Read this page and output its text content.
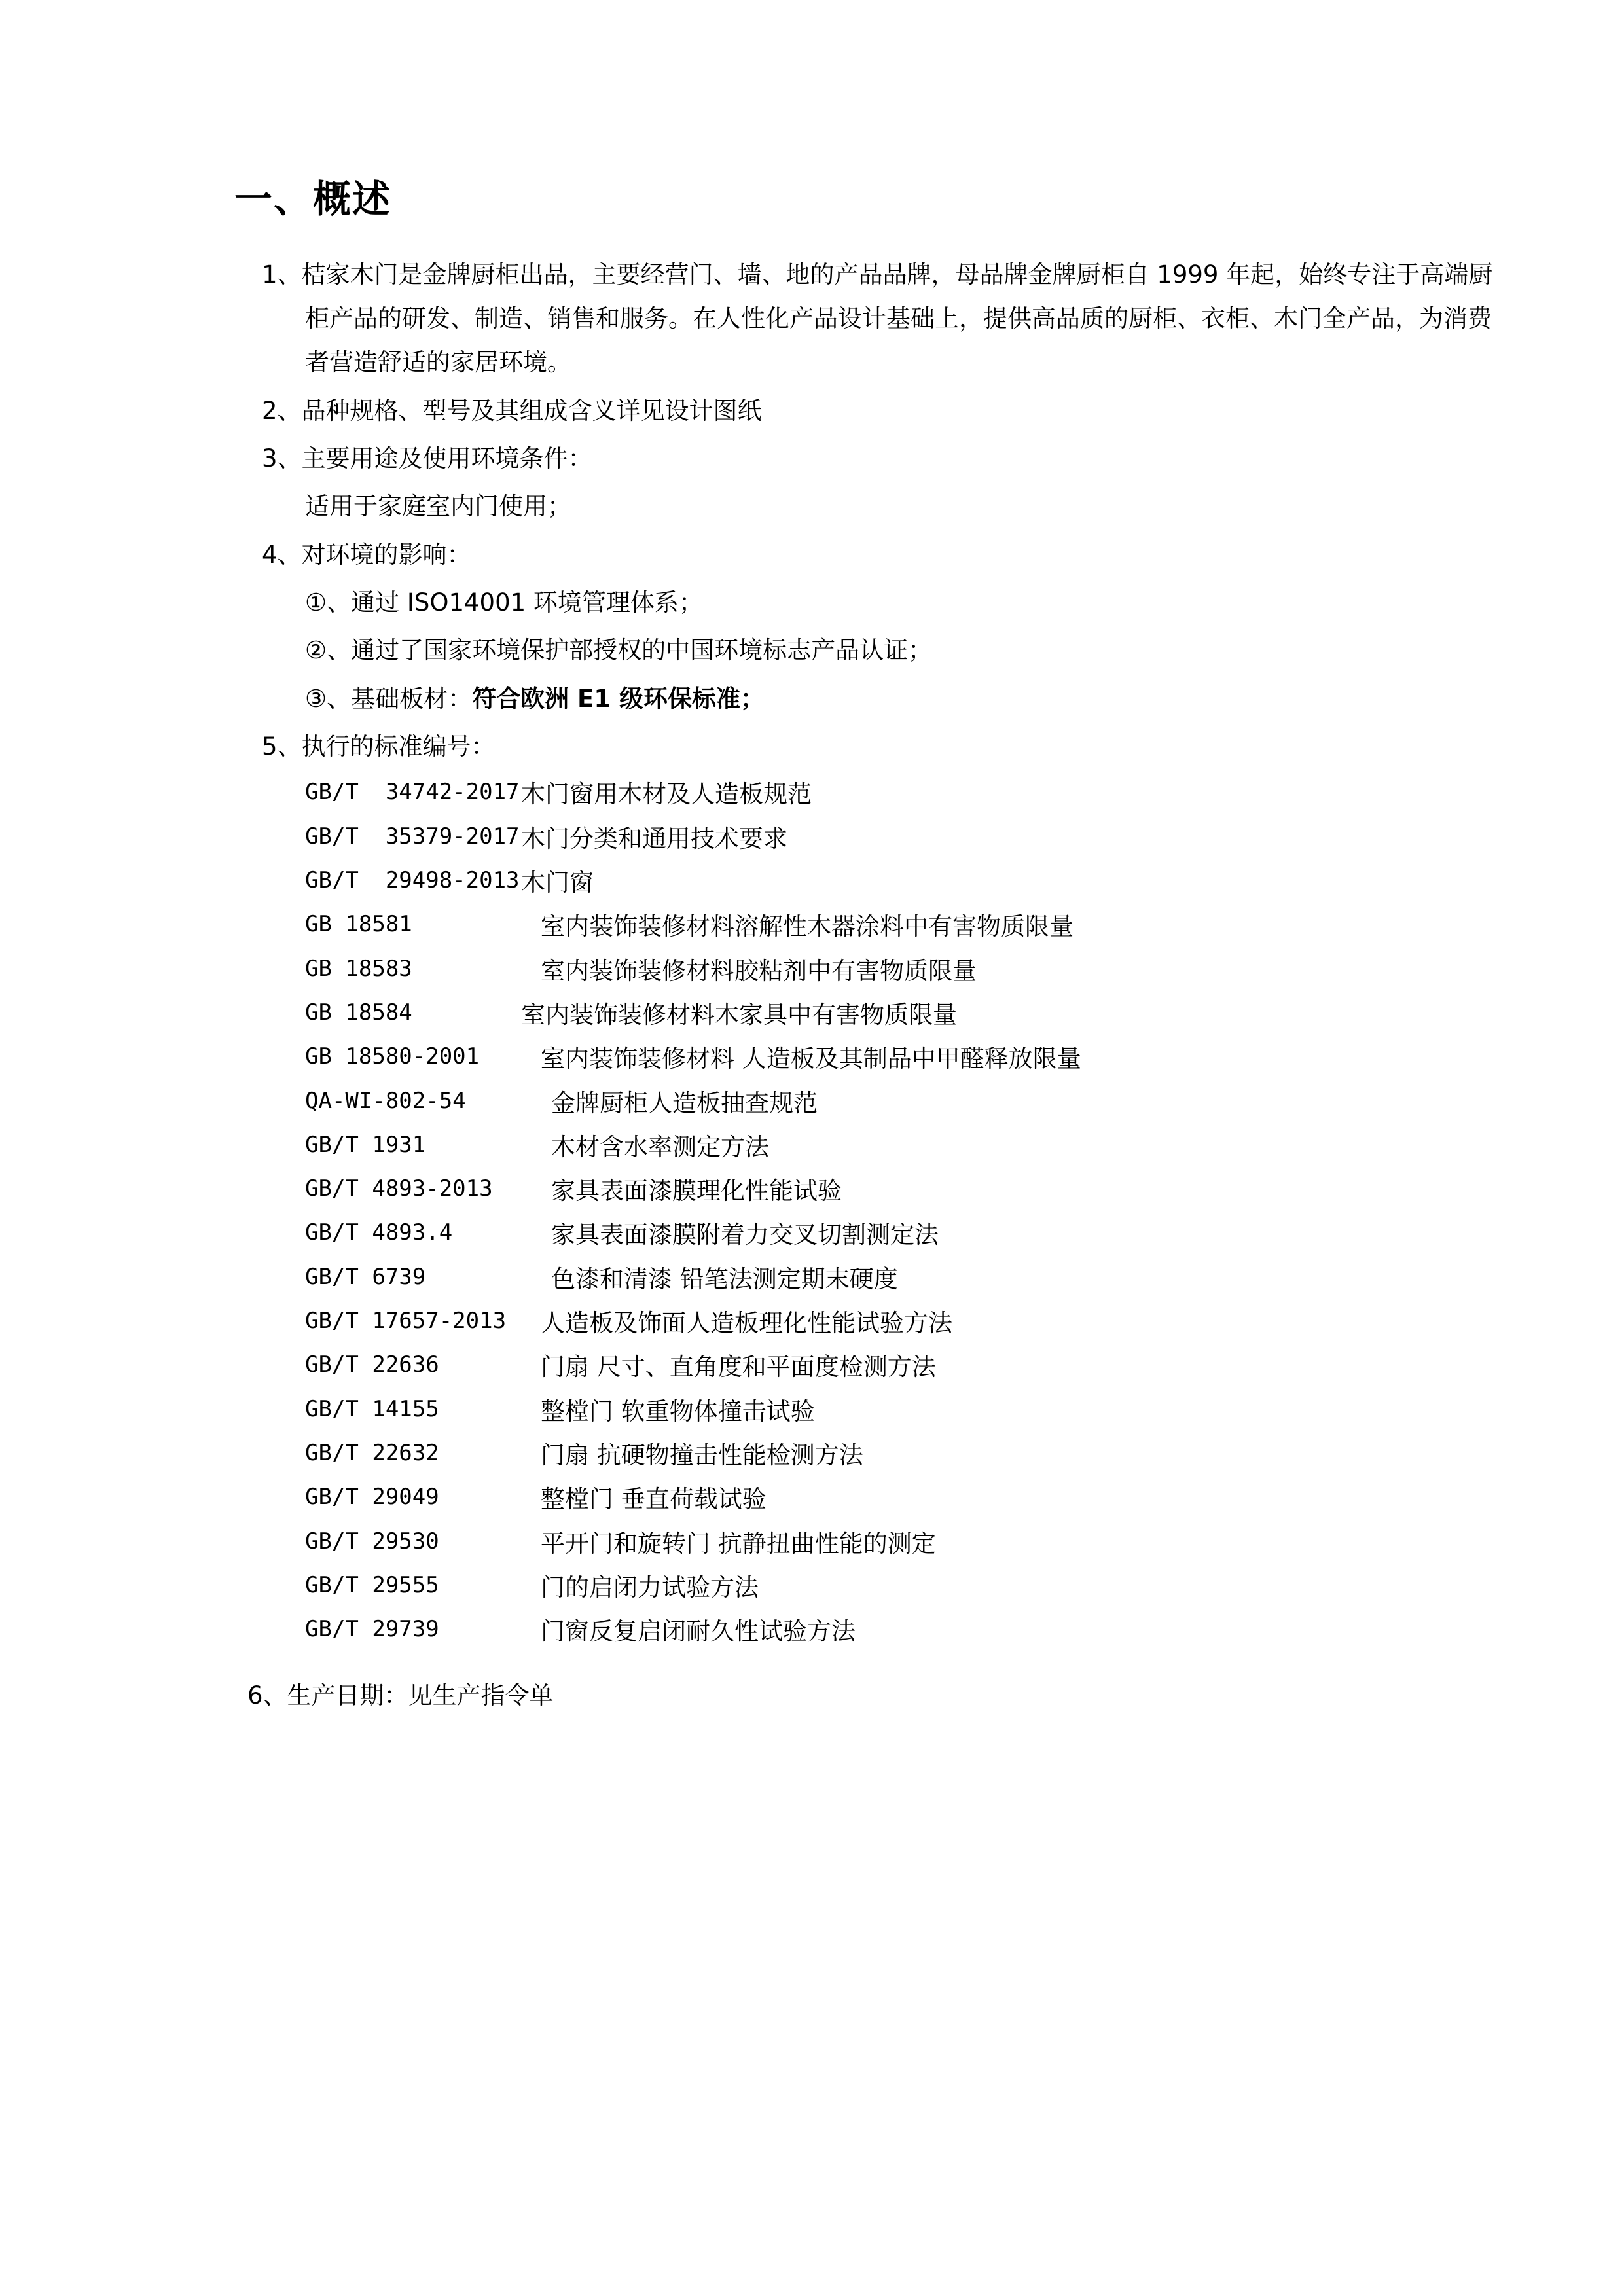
一、概述

1、桔家木门是金牌厨柜出品，主要经营门、墙、地的产品品牌，母品牌金牌厨柜自 1999 年起，始终专注于高端厨柜产品的研发、制造、销售和服务。在人性化产品设计基础上，提供高品质的厨柜、衣柜、木门全产品，为消费者营造舒适的家居环境。

2、品种规格、型号及其组成含义详见设计图纸

3、主要用途及使用环境条件：

适用于家庭室内门使用；

4、对环境的影响：

①、通过 ISO14001 环境管理体系；

②、通过了国家环境保护部授权的中国环境标志产品认证；

③、基础板材：符合欧洲 E1 级环保标准；

5、执行的标准编号：

GB/T  34742-2017 木门窗用木材及人造板规范
GB/T  35379-2017 木门分类和通用技术要求
GB/T  29498-2013 木门窗
GB 18581	室内装饰装修材料溶解性木器涂料中有害物质限量
GB 18583	室内装饰装修材料胶粘剂中有害物质限量
GB 18584	室内装饰装修材料木家具中有害物质限量
GB 18580-2001	室内装饰装修材料 人造板及其制品中甲醛释放限量
QA-WI-802-54	金牌厨柜人造板抽查规范
GB/T 1931	木材含水率测定方法
GB/T 4893-2013	家具表面漆膜理化性能试验
GB/T 4893.4	家具表面漆膜附着力交叉切割测定法
GB/T 6739	色漆和清漆 铅笔法测定期末硬度
GB/T 17657-2013	人造板及饰面人造板理化性能试验方法
GB/T 22636	门扇 尺寸、直角度和平面度检测方法
GB/T 14155	整樘门 软重物体撞击试验
GB/T 22632	门扇 抗硬物撞击性能检测方法
GB/T 29049	整樘门 垂直荷载试验
GB/T 29530	平开门和旋转门 抗静扭曲性能的测定
GB/T 29555	门的启闭力试验方法
GB/T 29739	门窗反复启闭耐久性试验方法

6、生产日期：见生产指令单
